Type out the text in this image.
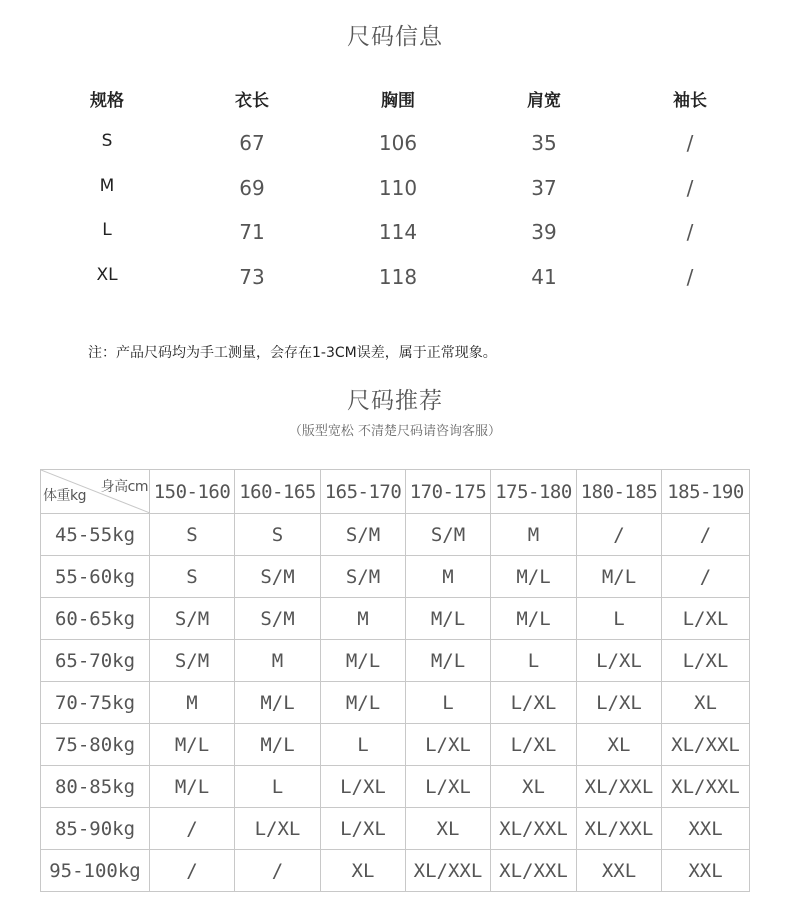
尺码信息
规格	衣长	胸围	肩宽	袖长
S	67	106	35	/
M	69	110	37	/
L	71	114	39	/
XL	73	118	41	/
注：产品尺码均为手工测量，会存在1-3CM误差，属于正常现象。
尺码推荐
（版型宽松 不清楚尺码请咨询客服）
身高cm
体重kg	150-160	160-165	165-170	170-175	175-180	180-185	185-190
45-55kg	S	S	S/M	S/M	M	/	/
55-60kg	S	S/M	S/M	M	M/L	M/L	/
60-65kg	S/M	S/M	M	M/L	M/L	L	L/XL
65-70kg	S/M	M	M/L	M/L	L	L/XL	L/XL
70-75kg	M	M/L	M/L	L	L/XL	L/XL	XL
75-80kg	M/L	M/L	L	L/XL	L/XL	XL	XL/XXL
80-85kg	M/L	L	L/XL	L/XL	XL	XL/XXL	XL/XXL
85-90kg	/	L/XL	L/XL	XL	XL/XXL	XL/XXL	XXL
95-100kg	/	/	XL	XL/XXL	XL/XXL	XXL	XXL
